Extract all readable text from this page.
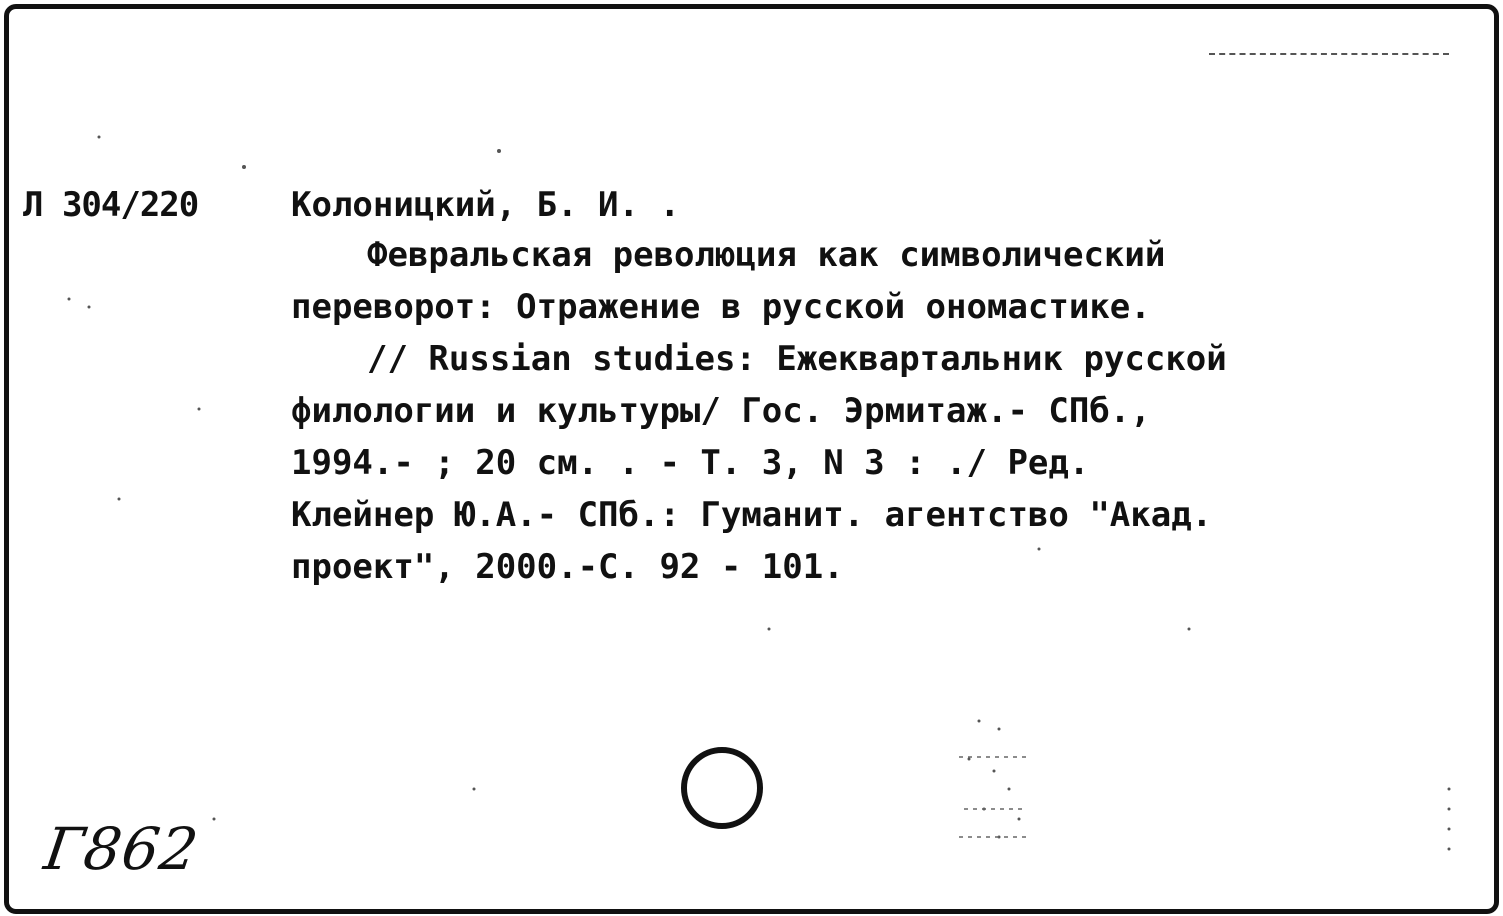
Л 304/220	Колоницкий, Б. И. .
Февральская революция как символический
переворот: Отражение в русской ономастике.
// Russian studies: Ежеквартальник русской
филологии и культуры/ Гос. Эрмитаж.- СПб.,
1994.- ; 20 см. . - Т. 3, N 3 : ./ Ред.
Клейнер Ю.А.- СПб.: Гуманит. агентство "Акад.
проект", 2000.-С. 92 - 101.
Г862
